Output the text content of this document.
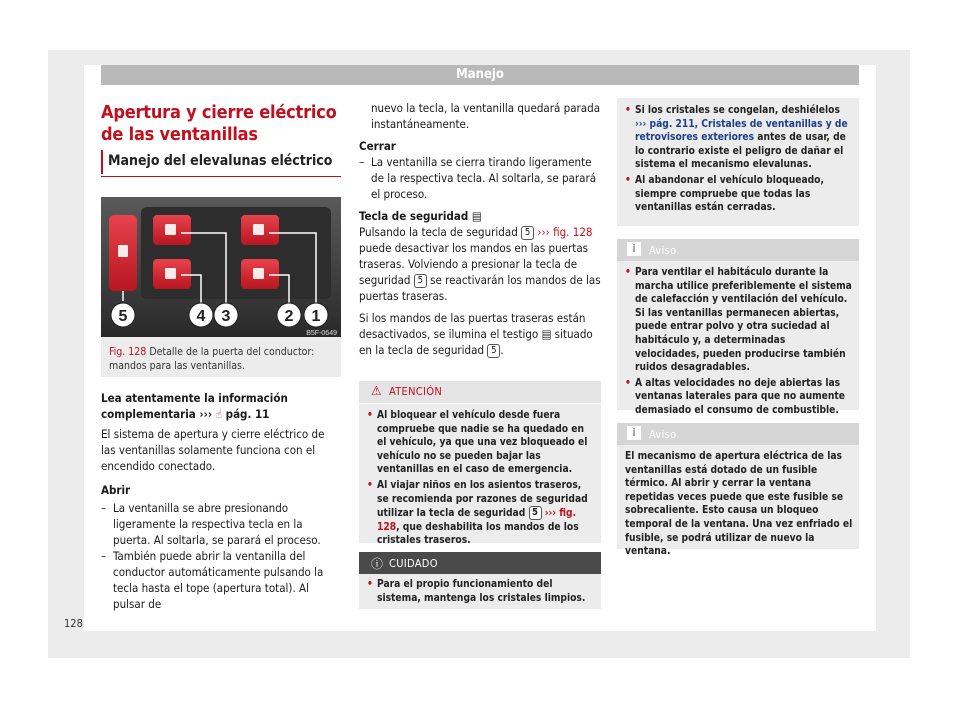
Manejo
Apertura y cierre eléctrico de las ventanillas
Manejo del elevalunas eléctrico
5	4 3	2 1
B5F-0649
Fig. 128 Detalle de la puerta del conductor: mandos para las ventanillas.
Lea atentamente la información complementaria ››› ☝ pág. 11
El sistema de apertura y cierre eléctrico de las ventanillas solamente funciona con el encendido conectado.
Abrir
– La ventanilla se abre presionando ligeramente la respectiva tecla en la puerta. Al soltarla, se parará el proceso.
– También puede abrir la ventanilla del conductor automáticamente pulsando la tecla hasta el tope (apertura total). Al pulsar de
nuevo la tecla, la ventanilla quedará parada instantáneamente.
Cerrar
– La ventanilla se cierra tirando ligeramente de la respectiva tecla. Al soltarla, se parará el proceso.
Tecla de seguridad ▤
Pulsando la tecla de seguridad 5 ››› fig. 128 puede desactivar los mandos en las puertas traseras. Volviendo a presionar la tecla de seguridad 5 se reactivarán los mandos de las puertas traseras.
Si los mandos de las puertas traseras están desactivados, se ilumina el testigo ▤ situado en la tecla de seguridad 5 .
⚠ ATENCIÓN
• Al bloquear el vehículo desde fuera compruebe que nadie se ha quedado en el vehículo, ya que una vez bloqueado el vehículo no se pueden bajar las ventanillas en el caso de emergencia.
• Al viajar niños en los asientos traseros, se recomienda por razones de seguridad utilizar la tecla de seguridad 5 ››› fig. 128, que deshabilita los mandos de los cristales traseros.
ⓘ CUIDADO
• Para el propio funcionamiento del sistema, mantenga los cristales limpios.
• Si los cristales se congelan, deshiélelos ››› pág. 211, Cristales de ventanillas y de retrovisores exteriores antes de usar, de lo contrario existe el peligro de dañar el sistema el mecanismo elevalunas.
• Al abandonar el vehículo bloqueado, siempre compruebe que todas las ventanillas están cerradas.
i	Aviso
• Para ventilar el habitáculo durante la marcha utilice preferiblemente el sistema de calefacción y ventilación del vehículo. Si las ventanillas permanecen abiertas, puede entrar polvo y otra suciedad al habitáculo y, a determinadas velocidades, pueden producirse también ruidos desagradables.
• A altas velocidades no deje abiertas las ventanas laterales para que no aumente demasiado el consumo de combustible.
i	Aviso
El mecanismo de apertura eléctrica de las ventanillas está dotado de un fusible térmico. Al abrir y cerrar la ventana repetidas veces puede que este fusible se sobrecaliente. Esto causa un bloqueo temporal de la ventana. Una vez enfriado el fusible, se podrá utilizar de nuevo la ventana.
128
